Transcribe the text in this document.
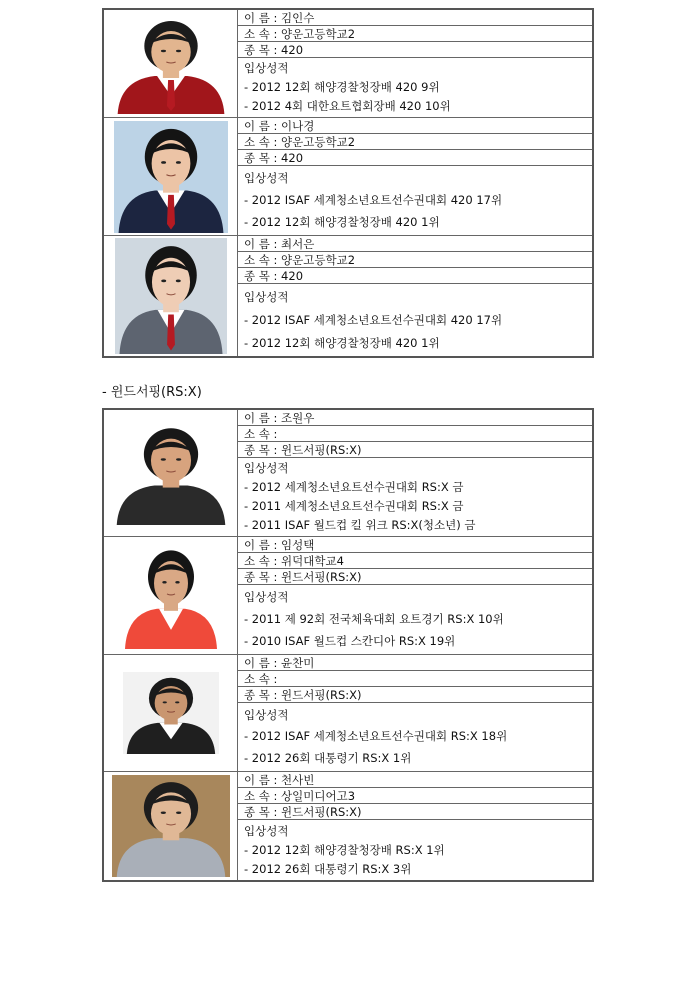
이 름 : 김인수
소 속 : 양운고등학교2
종 목 : 420
입상성적
- 2012 12회 해양경찰청장배 420 9위
- 2012 4회 대한요트협회장배 420 10위
이 름 : 이나경
소 속 : 양운고등학교2
종 목 : 420
입상성적
- 2012 ISAF 세계청소년요트선수권대회 420 17위
- 2012 12회 해양경찰청장배 420 1위
이 름 : 최서은
소 속 : 양운고등학교2
종 목 : 420
입상성적
- 2012 ISAF 세계청소년요트선수권대회 420 17위
- 2012 12회 해양경찰청장배 420 1위
- 윈드서핑(RS:X)
이 름 : 조원우
소 속 :
종 목 : 윈드서핑(RS:X)
입상성적
- 2012 세계청소년요트선수권대회 RS:X 금
- 2011 세계청소년요트선수권대회 RS:X 금
- 2011 ISAF 월드컵 킬 위크 RS:X(청소년) 금
이 름 : 임성택
소 속 : 위덕대학교4
종 목 : 윈드서핑(RS:X)
입상성적
- 2011 제 92회 전국체육대회 요트경기 RS:X 10위
- 2010 ISAF 월드컵 스칸디아 RS:X 19위
이 름 : 윤찬미
소 속 :
종 목 : 윈드서핑(RS:X)
입상성적
- 2012 ISAF 세계청소년요트선수권대회 RS:X 18위
- 2012 26회 대통령기 RS:X 1위
이 름 : 천사빈
소 속 : 상일미디어고3
종 목 : 윈드서핑(RS:X)
입상성적
- 2012 12회 해양경찰청장배 RS:X 1위
- 2012 26회 대통령기 RS:X 3위
